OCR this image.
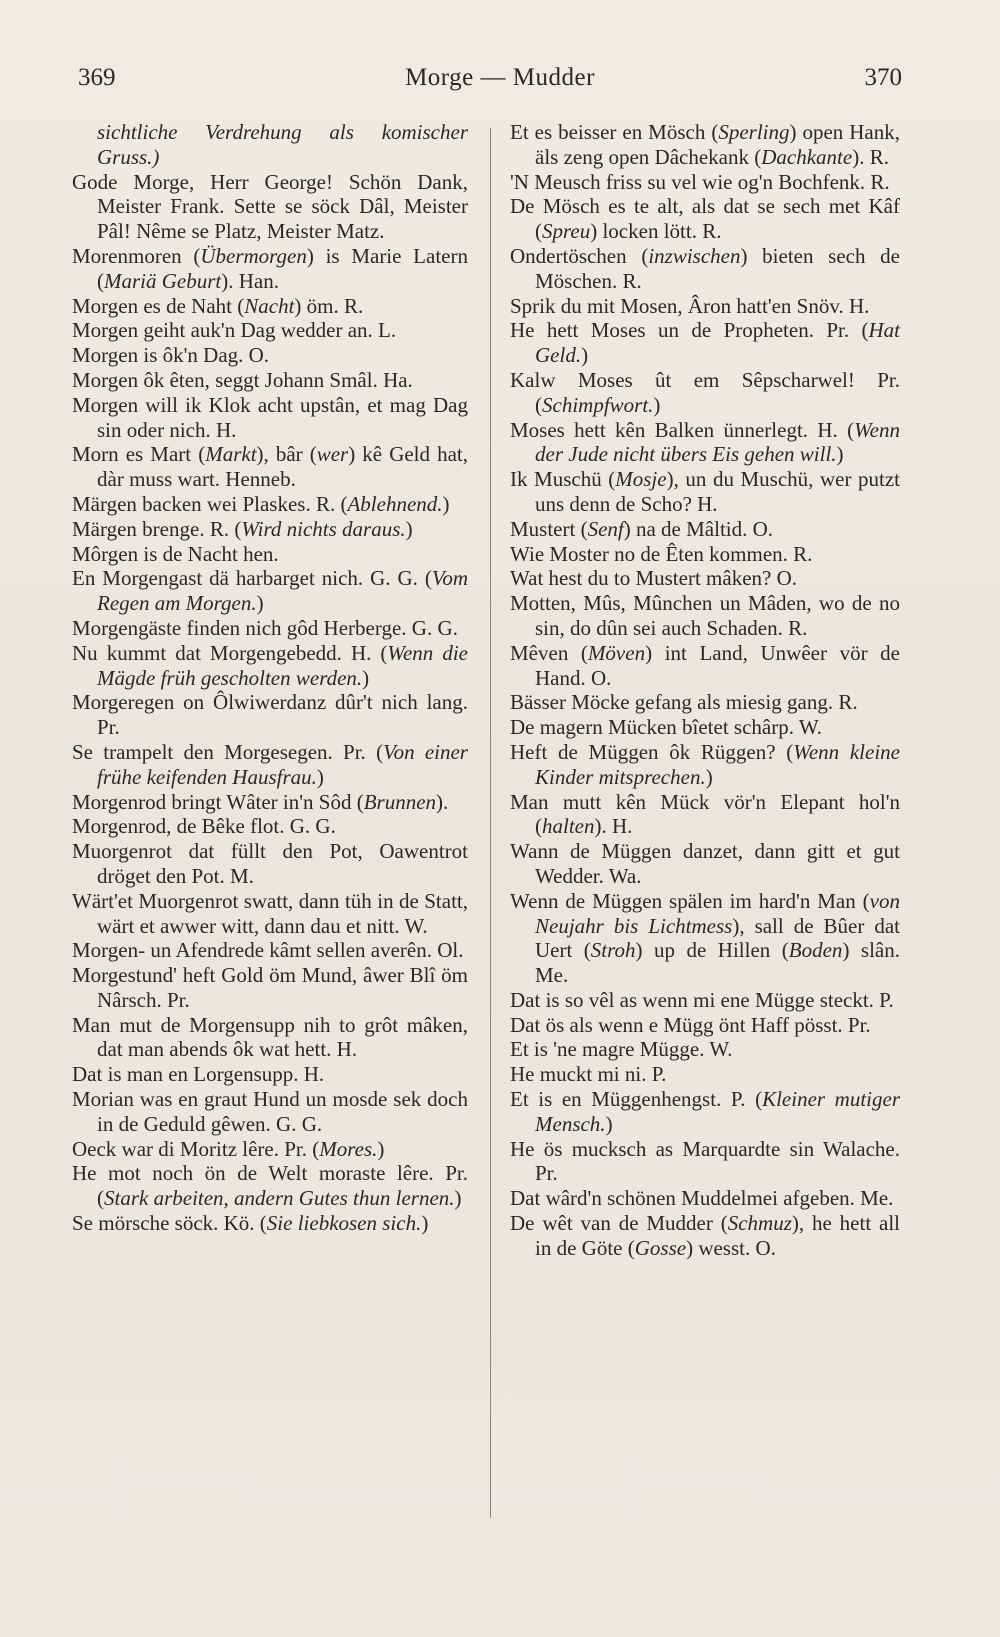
369	Morge — Mudder	370

sichtliche Verdrehung als komischer Gruss.)

Gode Morge, Herr George! Schön Dank, Meister Frank. Sette se söck Dâl, Meister Pâl! Nême se Platz, Meister Matz.

Morenmoren (Übermorgen) is Marie Latern (Mariä Geburt). Han.

Morgen es de Naht (Nacht) öm. R.

Morgen geiht auk'n Dag wedder an. L.

Morgen is ôk'n Dag. O.

Morgen ôk êten, seggt Johann Smâl. Ha.

Morgen will ik Klok acht upstân, et mag Dag sin oder nich. H.

Morn es Mart (Markt), bâr (wer) kê Geld hat, dàr muss wart. Henneb.

Märgen backen wei Plaskes. R. (Ablehnend.)

Märgen brenge. R. (Wird nichts daraus.)

Môrgen is de Nacht hen.

En Morgengast dä harbarget nich. G. G. (Vom Regen am Morgen.)

Morgengäste finden nich gôd Herberge. G. G.

Nu kummt dat Morgengebedd. H. (Wenn die Mägde früh gescholten werden.)

Morgeregen on Ôlwiwerdanz dûr't nich lang. Pr.

Se trampelt den Morgesegen. Pr. (Von einer frühe keifenden Hausfrau.)

Morgenrod bringt Wâter in'n Sôd (Brunnen).

Morgenrod, de Bêke flot. G. G.

Muorgenrot dat füllt den Pot, Oawentrot dröget den Pot. M.

Wärt'et Muorgenrot swatt, dann tüh in de Statt, wärt et awwer witt, dann dau et nitt. W.

Morgen- un Afendrede kâmt sellen averên. Ol.

Morgestund' heft Gold öm Mund, âwer Blî öm Nârsch. Pr.

Man mut de Morgensupp nih to grôt mâken, dat man abends ôk wat hett. H.

Dat is man en Lorgensupp. H.

Morian was en graut Hund un mosde sek doch in de Geduld gêwen. G. G.

Oeck war di Moritz lêre. Pr. (Mores.)

He mot noch ön de Welt moraste lêre. Pr. (Stark arbeiten, andern Gutes thun lernen.)

Se mörsche söck. Kö. (Sie liebkosen sich.)

Et es beisser en Mösch (Sperling) open Hank, äls zeng open Dâchekank (Dachkante). R.

'N Meusch friss su vel wie og'n Bochfenk. R.

De Mösch es te alt, als dat se sech met Kâf (Spreu) locken lött. R.

Ondertöschen (inzwischen) bieten sech de Möschen. R.

Sprik du mit Mosen, Âron hatt'en Snöv. H.

He hett Moses un de Propheten. Pr. (Hat Geld.)

Kalw Moses ût em Sêpscharwel! Pr. (Schimpfwort.)

Moses hett kên Balken ünnerlegt. H. (Wenn der Jude nicht übers Eis gehen will.)

Ik Muschü (Mosje), un du Muschü, wer putzt uns denn de Scho? H.

Mustert (Senf) na de Mâltid. O.

Wie Moster no de Êten kommen. R.

Wat hest du to Mustert mâken? O.

Motten, Mûs, Mûnchen un Mâden, wo de no sin, do dûn sei auch Schaden. R.

Mêven (Möven) int Land, Unwêer vör de Hand. O.

Bässer Möcke gefang als miesig gang. R.

De magern Mücken bîetet schârp. W.

Heft de Müggen ôk Rüggen? (Wenn kleine Kinder mitsprechen.)

Man mutt kên Mück vör'n Elepant hol'n (halten). H.

Wann de Müggen danzet, dann gitt et gut Wedder. Wa.

Wenn de Müggen spälen im hard'n Man (von Neujahr bis Lichtmess), sall de Bûer dat Uert (Stroh) up de Hillen (Boden) slân. Me.

Dat is so vêl as wenn mi ene Mügge steckt. P.

Dat ös als wenn e Mügg önt Haff pösst. Pr.

Et is 'ne magre Mügge. W.

He muckt mi ni. P.

Et is en Müggenhengst. P. (Kleiner mutiger Mensch.)

He ös mucksch as Marquardte sin Walache. Pr.

Dat wârd'n schönen Muddelmei afgeben. Me.

De wêt van de Mudder (Schmuz), he hett all in de Göte (Gosse) wesst. O.
